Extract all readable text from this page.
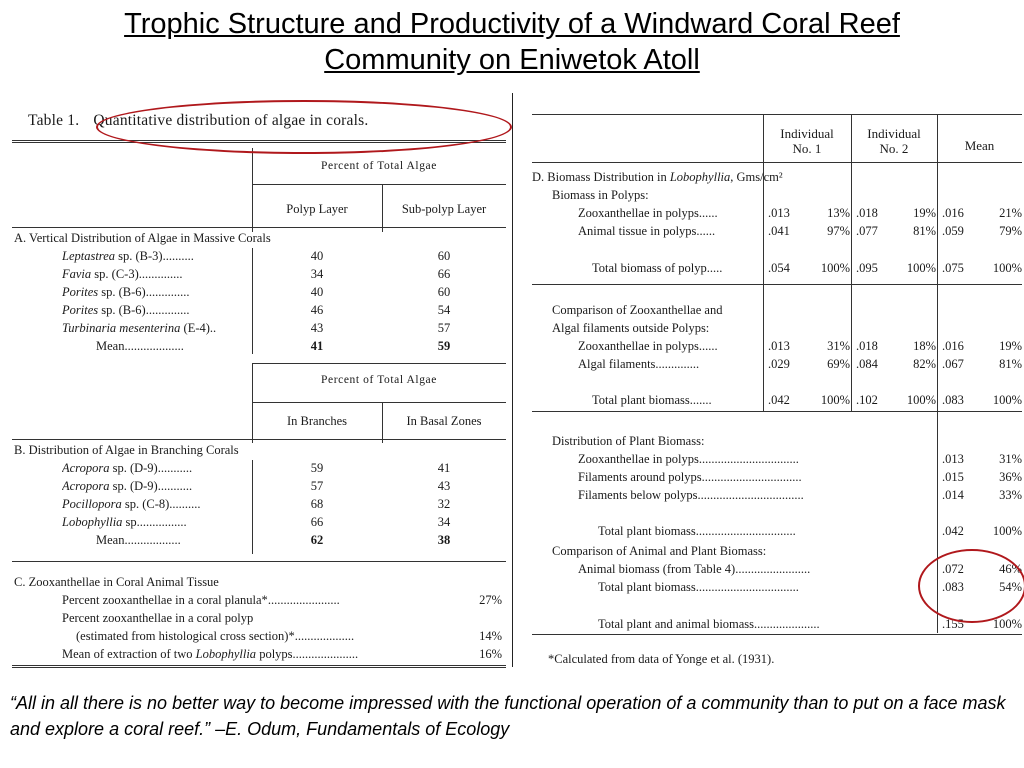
Trophic Structure and Productivity of a Windward Coral Reef
Community on Eniwetok Atoll
Table 1. Quantitative distribution of algae in corals.
Percent of Total Algae
Polyp Layer	Sub-polyp Layer
A. Vertical Distribution of Algae in Massive Corals
Leptastrea sp. (B-3)..........	40	60
Favia sp. (C-3)..............	34	66
Porites sp. (B-6)..............	40	60
Porites sp. (B-6)..............	46	54
Turbinaria mesenterina (E-4)..	43	57
Mean...................	41	59
Percent of Total Algae
In Branches	In Basal Zones
B. Distribution of Algae in Branching Corals
Acropora sp. (D-9)...........	59	41
Acropora sp. (D-9)...........	57	43
Pocillopora sp. (C-8)..........	68	32
Lobophyllia sp................	66	34
Mean..................	62	38
C. Zooxanthellae in Coral Animal Tissue
Percent zooxanthellae in a coral planula*.......................	27%
Percent zooxanthellae in a coral polyp
(estimated from histological cross section)*...................	14%
Mean of extraction of two Lobophyllia polyps.....................	16%
Individual
No. 1
Individual
No. 2	Mean
D. Biomass Distribution in Lobophyllia, Gms/cm²
Biomass in Polyps:
Zooxanthellae in polyps......	.013	13% .018	19% .016	21%
Animal tissue in polyps......	.041	97% .077	81% .059	79%
Total biomass of polyp.....	.054	100% .095	100% .075	100%
Comparison of Zooxanthellae and
Algal filaments outside Polyps:
Zooxanthellae in polyps......	.013	31% .018	18% .016	19%
Algal filaments..............	.029	69% .084	82% .067	81%
Total plant biomass.......	.042	100% .102	100% .083	100%
Distribution of Plant Biomass:
Zooxanthellae in polyps................................	.013	31%
Filaments around polyps................................	.015	36%
Filaments below polyps..................................	.014	33%
Total plant biomass................................	.042	100%
Comparison of Animal and Plant Biomass:
Animal biomass (from Table 4)........................	.072	46%
Total plant biomass.................................	.083	54%
Total plant and animal biomass.....................	.155	100%
*Calculated from data of Yonge et al. (1931).
“All in all there is no better way to become impressed with the functional operation of a community than to put on a face mask and explore a coral reef.” –E. Odum, Fundamentals of Ecology
